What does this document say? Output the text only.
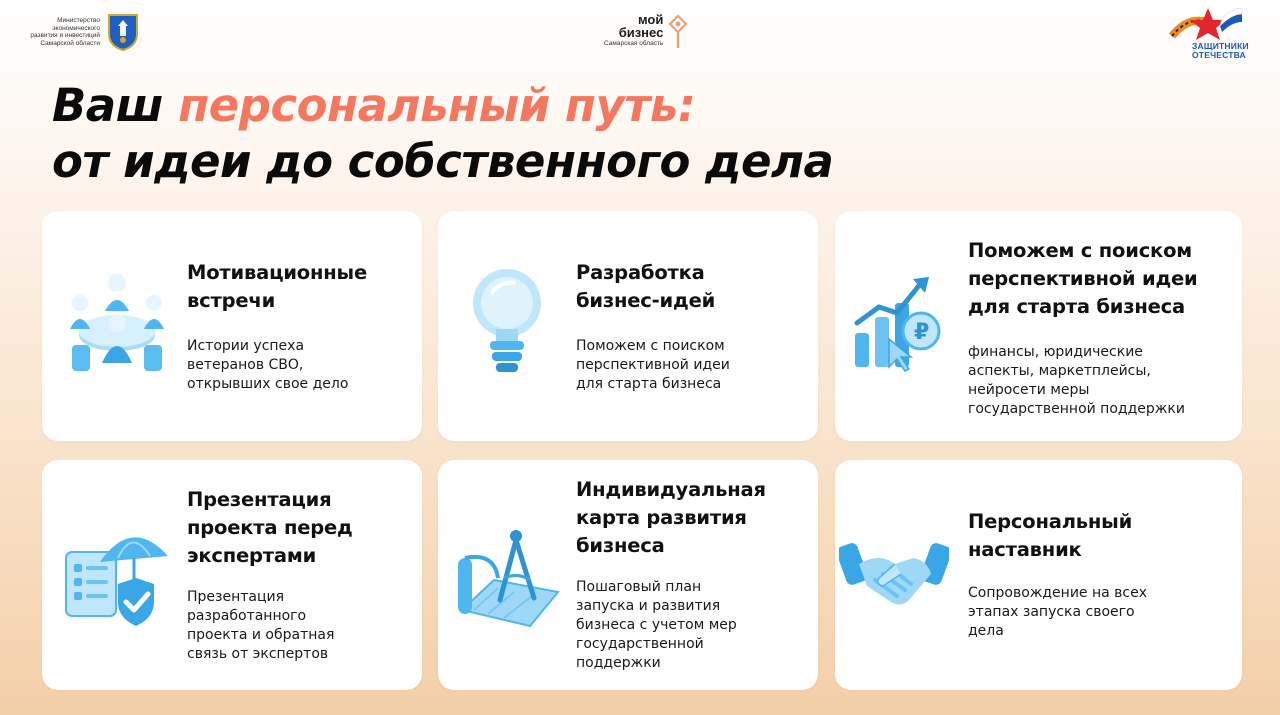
Министерство
экономического
развития и инвестиций
Самарской области
мой
бизнес
Самарская область	ЗАЩИТНИКИ
ОТЕЧЕСТВА
Ваш персональный путь:
от идеи до собственного дела
Мотивационные
встречи
Истории успеха
ветеранов СВО,
открывших свое дело
Разработка
бизнес-идей
Поможем с поиском
перспективной идеи
для старта бизнеса
₽
Поможем с поиском
перспективной идеи
для старта бизнеса
финансы, юридические
аспекты, маркетплейсы,
нейросети меры
государственной поддержки
Презентация
проекта перед
экспертами
Презентация
разработанного
проекта и обратная
связь от экспертов
Индивидуальная
карта развития
бизнеса
Пошаговый план
запуска и развития
бизнеса с учетом мер
государственной
поддержки
Персональный
наставник
Сопровождение на всех
этапах запуска своего
дела
